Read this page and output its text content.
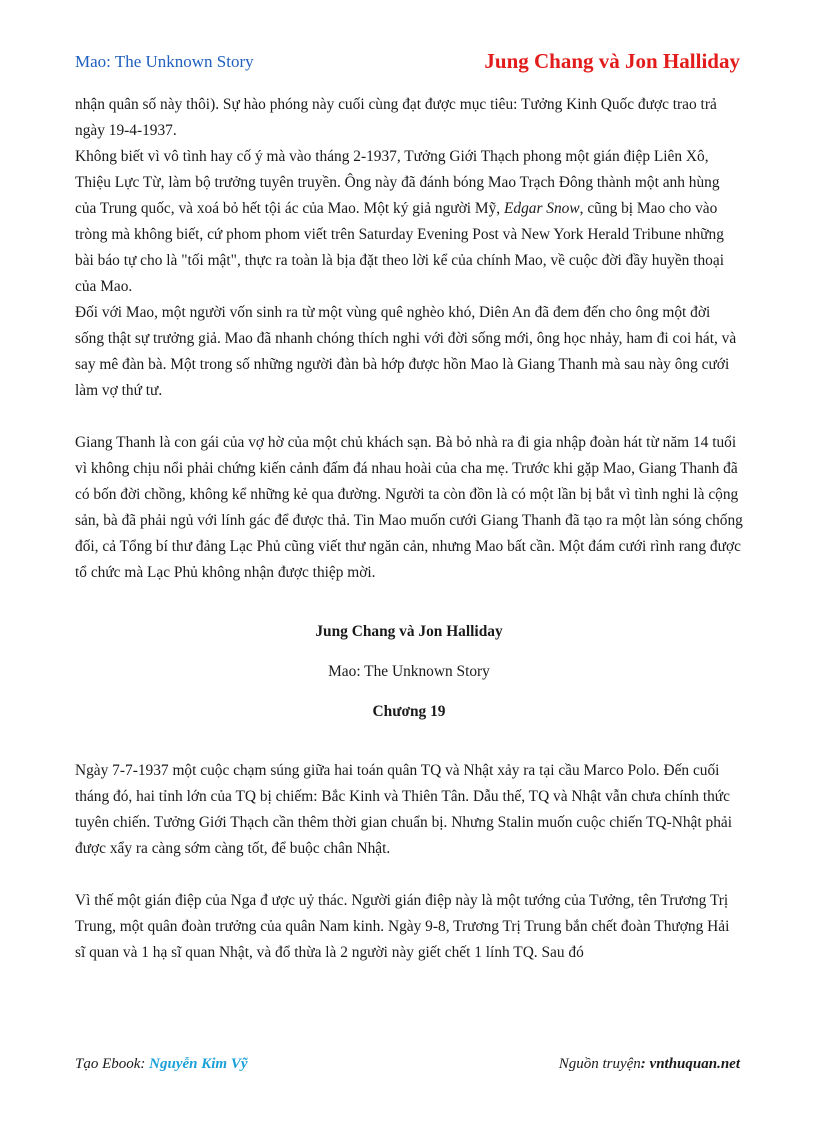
Mao: The Unknown Story	Jung Chang và Jon Halliday

nhận quân số này thôi). Sự hào phóng này cuối cùng đạt được mục tiêu: Tưởng Kinh Quốc được trao trả ngày 19-4-1937.

Không biết vì vô tình hay cố ý mà vào tháng 2-1937, Tưởng Giới Thạch phong một gián điệp Liên Xô, Thiệu Lực Từ, làm bộ trưởng tuyên truyền. Ông này đã đánh bóng Mao Trạch Đông thành một anh hùng của Trung quốc, và xoá bỏ hết tội ác của Mao. Một ký giả người Mỹ, Edgar Snow, cũng bị Mao cho vào tròng mà không biết, cứ phom phom viết trên Saturday Evening Post và New York Herald Tribune những bài báo tự cho là "tối mật", thực ra toàn là bịa đặt theo lời kể của chính Mao, về cuộc đời đầy huyền thoại của Mao.

Đối với Mao, một người vốn sinh ra từ một vùng quê nghèo khó, Diên An đã đem đến cho ông một đời sống thật sự trưởng giả. Mao đã nhanh chóng thích nghi với đời sống mới, ông học nhảy, ham đi coi hát, và say mê đàn bà. Một trong số những người đàn bà hớp được hồn Mao là Giang Thanh mà sau này ông cưới làm vợ thứ tư.

Giang Thanh là con gái của vợ hờ của một chủ khách sạn. Bà bỏ nhà ra đi gia nhập đoàn hát từ năm 14 tuổi vì không chịu nổi phải chứng kiến cảnh đấm đá nhau hoài của cha mẹ. Trước khi gặp Mao, Giang Thanh đã có bốn đời chồng, không kể những kẻ qua đường. Người ta còn đồn là có một lần bị bắt vì tình nghi là cộng sản, bà đã phải ngủ với lính gác để được thả. Tin Mao muốn cưới Giang Thanh đã tạo ra một làn sóng chống đối, cả Tổng bí thư đảng Lạc Phủ cũng viết thư ngăn cản, nhưng Mao bất cần. Một đám cưới rình rang được tổ chức mà Lạc Phủ không nhận được thiệp mời.

Jung Chang và Jon Halliday

Mao: The Unknown Story

Chương 19

Ngày 7-7-1937 một cuộc chạm súng giữa hai toán quân TQ và Nhật xảy ra tại cầu Marco Polo. Đến cuối tháng đó, hai tỉnh lớn của TQ bị chiếm: Bắc Kinh và Thiên Tân. Dẫu thế, TQ và Nhật vẫn chưa chính thức tuyên chiến. Tưởng Giới Thạch cần thêm thời gian chuẩn bị. Nhưng Stalin muốn cuộc chiến TQ-Nhật phải được xẩy ra càng sớm càng tốt, để buộc chân Nhật.

Vì thế một gián điệp của Nga đ ược uỷ thác. Người gián điệp này là một tướng của Tưởng, tên Trương Trị Trung, một quân đoàn trưởng của quân Nam kinh. Ngày 9-8, Trương Trị Trung bắn chết đoàn Thượng Hải sĩ quan và 1 hạ sĩ quan Nhật, và đổ thừa là 2 người này giết chết 1 lính TQ. Sau đó

Tạo Ebook: Nguyễn Kim Vỹ	Nguồn truyện: vnthuquan.net
